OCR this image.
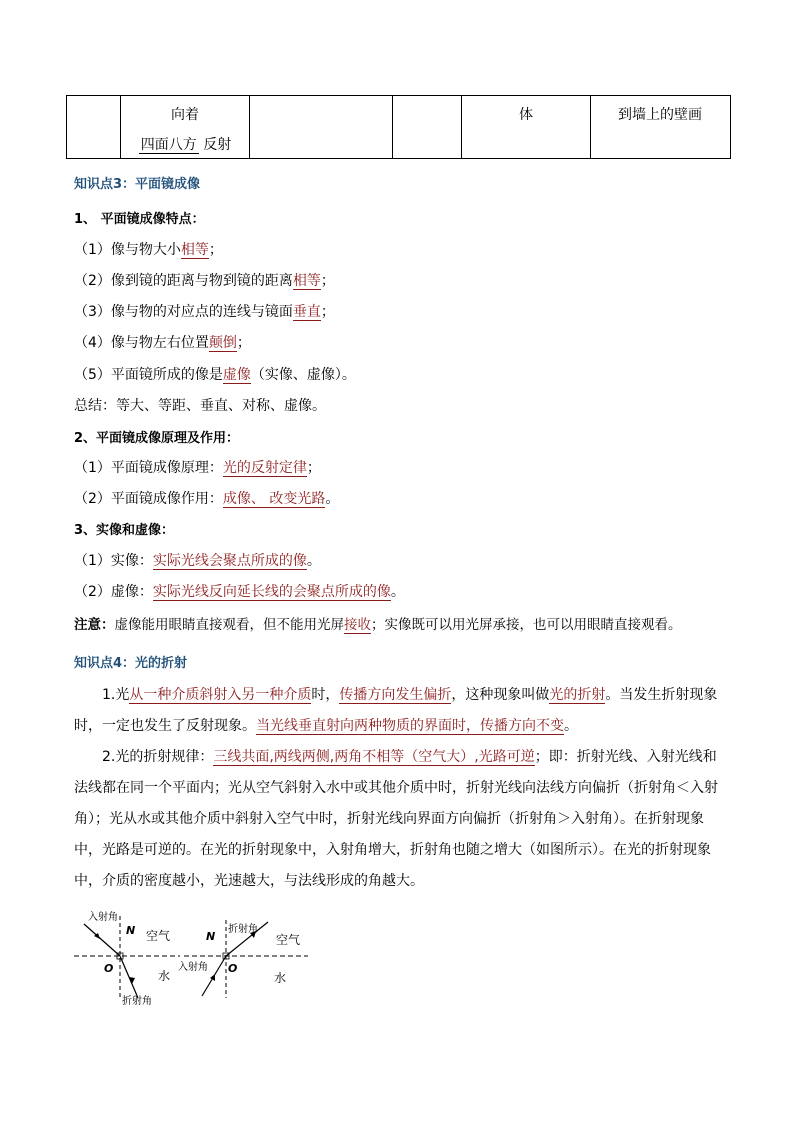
向着
四面八方 反射
体	到墙上的壁画
知识点3：平面镜成像
1、 平面镜成像特点：
（1）像与物大小相等；
（2）像到镜的距离与物到镜的距离相等；
（3）像与物的对应点的连线与镜面垂直；
（4）像与物左右位置颠倒；
（5）平面镜所成的像是虚像（实像、虚像）。
总结：等大、等距、垂直、对称、虚像。
2、平面镜成像原理及作用：
（1）平面镜成像原理：光的反射定律；
（2）平面镜成像作用：成像、 改变光路。
3、实像和虚像：
（1）实像：实际光线会聚点所成的像。
（2）虚像：实际光线反向延长线的会聚点所成的像。
注意：虚像能用眼睛直接观看，但不能用光屏接收；实像既可以用光屏承接，也可以用眼睛直接观看。
知识点4：光的折射
1.光从一种介质斜射入另一种介质时，传播方向发生偏折，这种现象叫做光的折射。当发生折射现象时，一定也发生了反射现象。当光线垂直射向两种物质的界面时，传播方向不变。
2.光的折射规律：三线共面,两线两侧,两角不相等（空气大）,光路可逆；即：折射光线、入射光线和法线都在同一个平面内；光从空气斜射入水中或其他介质中时，折射光线向法线方向偏折（折射角＜入射角）；光从水或其他介质中斜射入空气中时，折射光线向界面方向偏折（折射角＞入射角）。在折射现象中，光路是可逆的。在光的折射现象中，入射角增大，折射角也随之增大（如图所示）。在光的折射现象中，介质的密度越小，光速越大，与法线形成的角越大。
入射角
N 空气
O
水
折射角
折射角
N	空气
入射角 O
水
